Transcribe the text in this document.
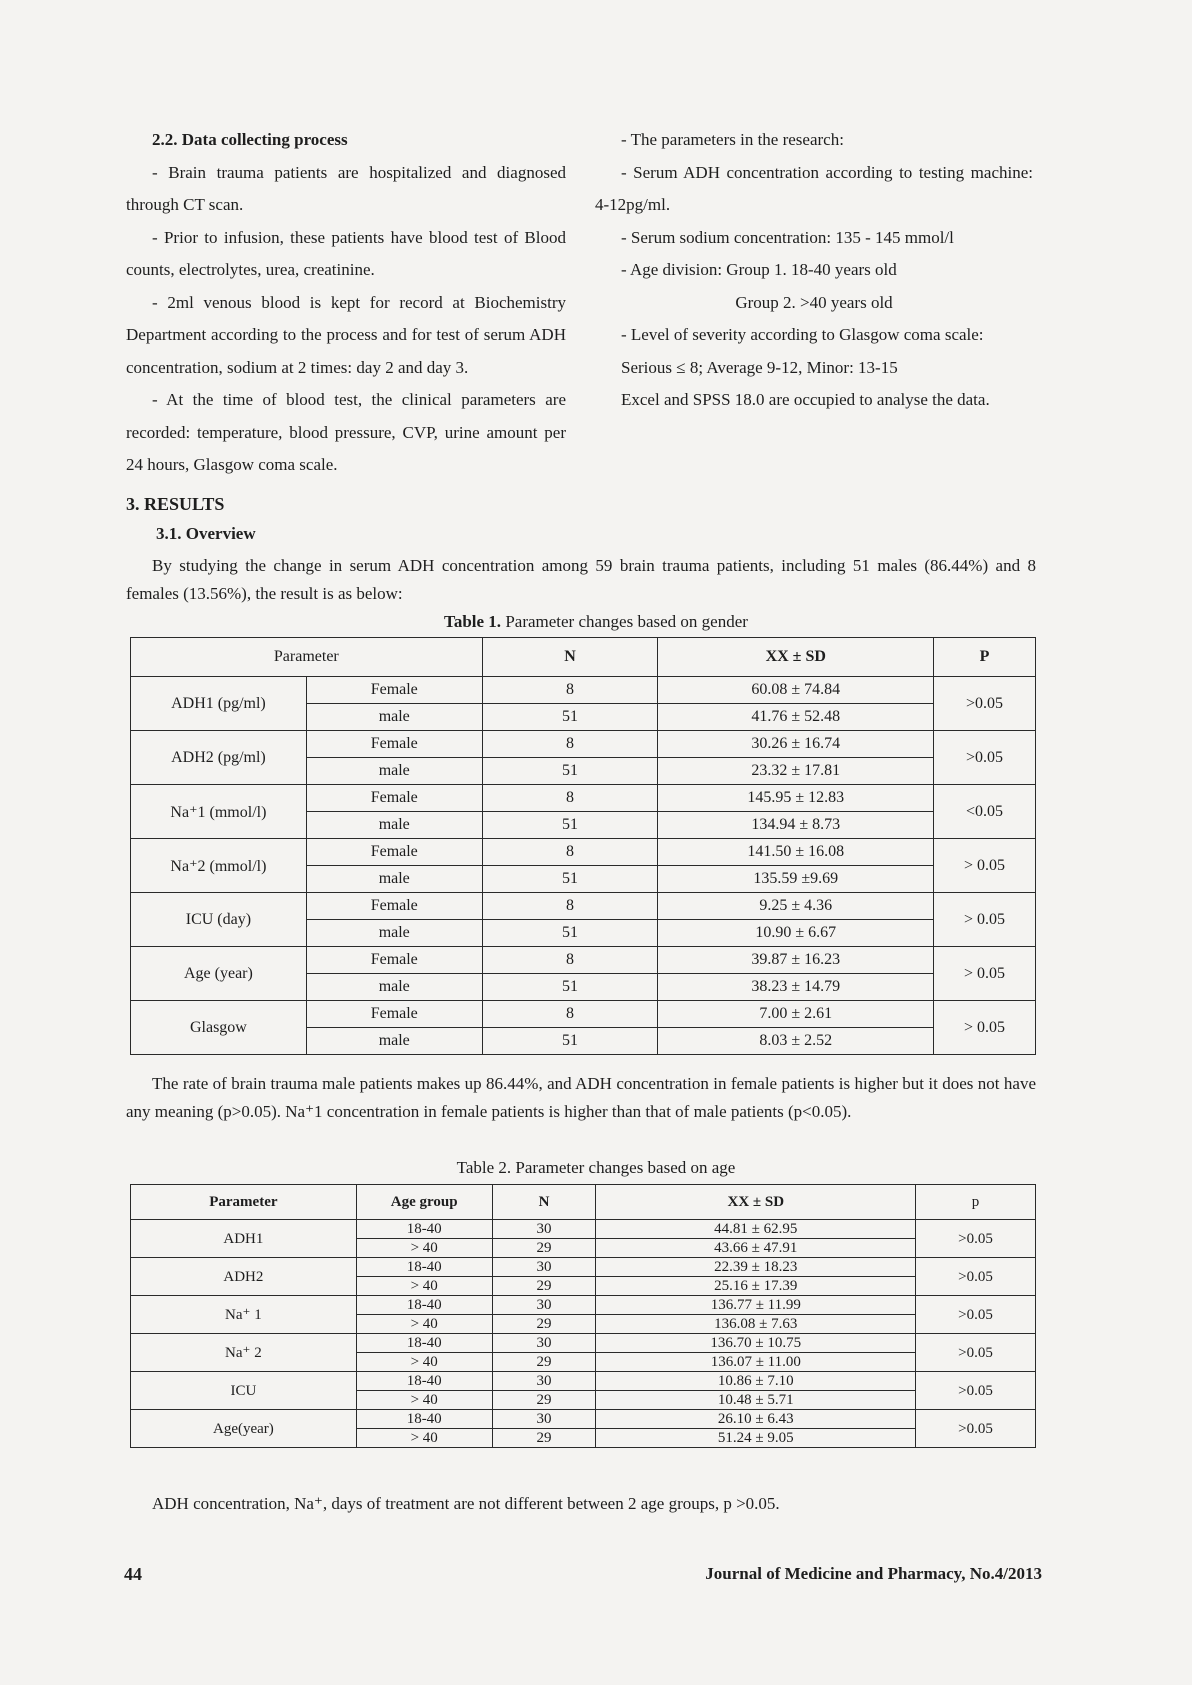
2.2. Data collecting process

- Brain trauma patients are hospitalized and diagnosed through CT scan.

- Prior to infusion, these patients have blood test of Blood counts, electrolytes, urea, creatinine.

- 2ml venous blood is kept for record at Biochemistry Department according to the process and for test of serum ADH concentration, sodium at 2 times: day 2 and day 3.

- At the time of blood test, the clinical parameters are recorded: temperature, blood pressure, CVP, urine amount per 24 hours, Glasgow coma scale.

- The parameters in the research:

- Serum ADH concentration according to testing machine: 4-12pg/ml.

- Serum sodium concentration: 135 - 145 mmol/l

- Age division: Group 1. 18-40 years old

Group 2. >40 years old

- Level of severity according to Glasgow coma scale:

Serious ≤ 8; Average 9-12, Minor: 13-15

Excel and SPSS 18.0 are occupied to analyse the data.

3. RESULTS
3.1. Overview

By studying the change in serum ADH concentration among 59 brain trauma patients, including 51 males (86.44%) and 8 females (13.56%), the result is as below:

Table 1. Parameter changes based on gender
Parameter		N	XX ± SD	P
ADH1 (pg/ml)	Female	8	60.08 ± 74.84	>0.05
	male	51	41.76 ± 52.48	
ADH2 (pg/ml)	Female	8	30.26 ± 16.74	>0.05
	male	51	23.32 ± 17.81	
Na⁺1 (mmol/l)	Female	8	145.95 ± 12.83	<0.05
	male	51	134.94 ± 8.73	
Na⁺2 (mmol/l)	Female	8	141.50 ± 16.08	> 0.05
	male	51	135.59 ±9.69	
ICU (day)	Female	8	9.25 ± 4.36	> 0.05
	male	51	10.90 ± 6.67	
Age (year)	Female	8	39.87 ± 16.23	> 0.05
	male	51	38.23 ± 14.79	
Glasgow	Female	8	7.00 ± 2.61	> 0.05
	male	51	8.03 ± 2.52	

The rate of brain trauma male patients makes up 86.44%, and ADH concentration in female patients is higher but it does not have any meaning (p>0.05). Na⁺1 concentration in female patients is higher than that of male patients (p<0.05).

Table 2. Parameter changes based on age
Parameter	Age group	N	XX ± SD	p
ADH1	18-40	30	44.81 ± 62.95	>0.05
	> 40	29	43.66 ± 47.91	
ADH2	18-40	30	22.39 ± 18.23	>0.05
	> 40	29	25.16 ± 17.39	
Na⁺ 1	18-40	30	136.77 ± 11.99	>0.05
	> 40	29	136.08 ± 7.63	
Na⁺ 2	18-40	30	136.70 ± 10.75	>0.05
	> 40	29	136.07 ± 11.00	
ICU	18-40	30	10.86 ± 7.10	>0.05
	> 40	29	10.48 ± 5.71	
Age(year)	18-40	30	26.10 ± 6.43	>0.05
	> 40	29	51.24 ± 9.05	

ADH concentration, Na⁺, days of treatment are not different between 2 age groups, p >0.05.

44	Journal of Medicine and Pharmacy, No.4/2013
